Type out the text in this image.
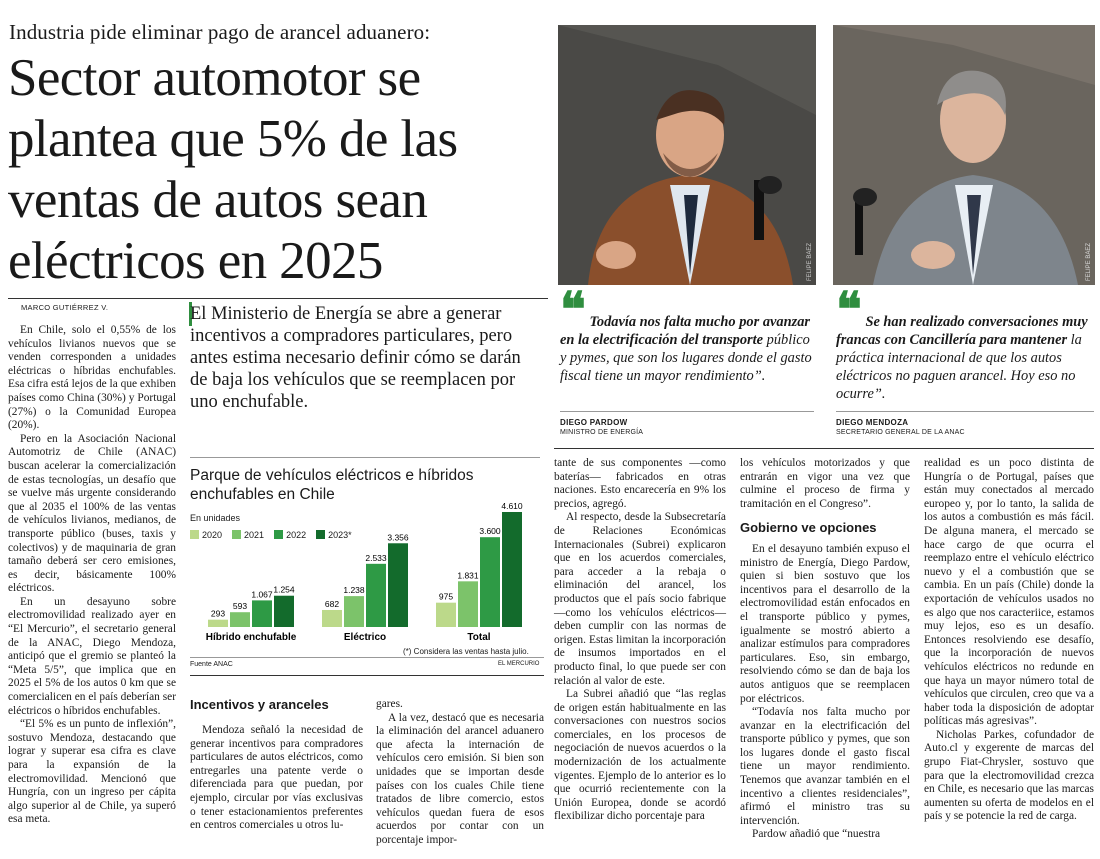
Industria pide eliminar pago de arancel aduanero:
Sector automotor se plantea que 5% de las ventas de autos sean eléctricos en 2025
MARCO GUTIÉRREZ V.

En Chile, solo el 0,55% de los vehículos livianos nuevos que se venden corresponden a unidades eléctricas o híbridas enchufables. Esa cifra está lejos de la que exhiben países como China (30%) y Portugal (27%) o la Comunidad Europea (20%).

Pero en la Asociación Nacional Automotriz de Chile (ANAC) buscan acelerar la comercialización de estas tecnologías, un desafío que se vuelve más urgente considerando que al 2035 el 100% de las ventas de vehículos livianos, medianos, de transporte público (buses, taxis y colectivos) y de maquinaria de gran tamaño deberá ser cero emisiones, es decir, básicamente 100% eléctricos.

En un desayuno sobre electromovilidad realizado ayer en “El Mercurio”, el secretario general de la ANAC, Diego Mendoza, anticipó que el gremio se planteó la “Meta 5/5”, que implica que en 2025 el 5% de los autos 0 km que se comercialicen en el país deberían ser eléctricos o híbridos enchufables.

“El 5% es un punto de inflexión”, sostuvo Mendoza, destacando que lograr y superar esa cifra es clave para la expansión de la electromovilidad. Mencionó que Hungría, con un ingreso per cápita algo superior al de Chile, ya superó esa meta.

El Ministerio de Energía se abre a generar incentivos a compradores particulares, pero antes estima necesario definir cómo se darán de baja los vehículos que se reemplacen por uno enchufable.
Parque de vehículos eléctricos e híbridos enchufables en Chile
En unidades
2020	2021	2022	2023*
293
593
1.067 1.254
Híbrido enchufable
682
1.238
2.533
3.356
Eléctrico
975
1.831
3.600
4.610
Total
(*) Considera las ventas hasta julio.
Fuente ANAC	EL MERCURIO
Incentivos y aranceles

Mendoza señaló la necesidad de generar incentivos para compradores particulares de autos eléctricos, como entregarles una patente verde o diferenciada para que puedan, por ejemplo, circular por vías exclusivas o tener estacionamientos preferentes en centros comerciales u otros lu-

gares.

A la vez, destacó que es necesaria la eliminación del arancel aduanero que afecta la internación de vehículos cero emisión. Si bien son unidades que se importan desde países con los cuales Chile tiene tratados de libre comercio, estos vehículos quedan fuera de esos acuerdos por contar con un porcentaje impor-

FELIPE BÁEZ	FELIPE BÁEZ
❝ Todavía nos falta mucho por avanzar en la electrificación del transporte público y pymes, que son los lugares donde el gasto fiscal tiene un mayor rendimiento”.
DIEGO PARDOW
MINISTRO DE ENERGÍA
❝ Se han realizado conversaciones muy francas con Cancillería para mantener la práctica internacional de que los autos eléctricos no paguen arancel. Hoy eso no ocurre”.
DIEGO MENDOZA
SECRETARIO GENERAL DE LA ANAC

tante de sus componentes —como baterías— fabricados en otras naciones. Esto encarecería en 9% los precios, agregó.

Al respecto, desde la Subsecretaría de Relaciones Económicas Internacionales (Subrei) explicaron que en los acuerdos comerciales, para acceder a la rebaja o eliminación del arancel, los productos que el país socio fabrique —como los vehículos eléctricos— deben cumplir con las normas de origen. Estas limitan la incorporación de insumos importados en el producto final, lo que puede ser con relación al valor de este.

La Subrei añadió que “las reglas de origen están habitualmente en las conversaciones con nuestros socios comerciales, en los procesos de negociación de nuevos acuerdos o la modernización de los actualmente vigentes. Ejemplo de lo anterior es lo que ocurrió recientemente con la Unión Europea, donde se acordó flexibilizar dicho porcentaje para

los vehículos motorizados y que entrarán en vigor una vez que culmine el proceso de firma y tramitación en el Congreso”.

Gobierno ve opciones

En el desayuno también expuso el ministro de Energía, Diego Pardow, quien si bien sostuvo que los incentivos para el desarrollo de la electromovilidad están enfocados en el transporte público y pymes, igualmente se mostró abierto a analizar estímulos para compradores particulares. Eso, sin embargo, resolviendo cómo se dan de baja los autos antiguos que se reemplacen por eléctricos.

“Todavía nos falta mucho por avanzar en la electrificación del transporte público y pymes, que son los lugares donde el gasto fiscal tiene un mayor rendimiento. Tenemos que avanzar también en el incentivo a clientes residenciales”, afirmó el ministro tras su intervención.

Pardow añadió que “nuestra

realidad es un poco distinta de Hungría o de Portugal, países que están muy conectados al mercado europeo y, por lo tanto, la salida de los autos a combustión es más fácil. De alguna manera, el mercado se hace cargo de que ocurra el reemplazo entre el vehículo eléctrico nuevo y el a combustión que se cambia. En un país (Chile) donde la exportación de vehículos usados no es algo que nos caracteriice, estamos muy lejos, eso es un desafío. Entonces resolviendo ese desafío, que la incorporación de nuevos vehículos eléctricos no redunde en que haya un mayor número total de vehículos que circulen, creo que va a haber toda la disposición de adoptar políticas más agresivas”.

Nicholas Parkes, cofundador de Auto.cl y exgerente de marcas del grupo Fiat-Chrysler, sostuvo que para que la electromovilidad crezca en Chile, es necesario que las marcas aumenten su oferta de modelos en el país y se potencie la red de carga.
